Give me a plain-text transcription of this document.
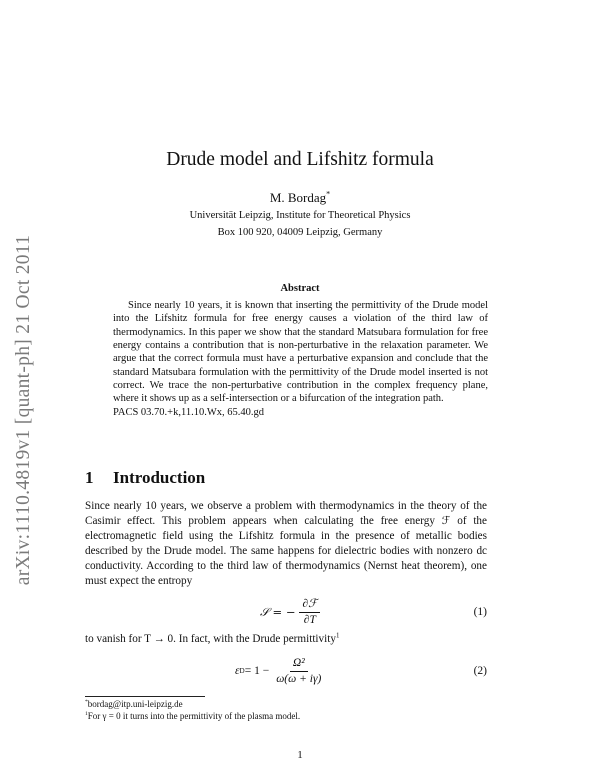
arXiv:1110.4819v1 [quant-ph] 21 Oct 2011
Drude model and Lifshitz formula
M. Bordag*
Universität Leipzig, Institute for Theoretical Physics
Box 100 920, 04009 Leipzig, Germany
Abstract

Since nearly 10 years, it is known that inserting the permittivity of the Drude model into the Lifshitz formula for free energy causes a violation of the third law of thermodynamics. In this paper we show that the standard Matsubara formulation for free energy contains a contribution that is non-perturbative in the relaxation parameter. We argue that the correct formula must have a perturbative expansion and conclude that the standard Matsubara formulation with the permittivity of the Drude model inserted is not correct. We trace the non-perturbative contribution in the complex frequency plane, where it shows up as a self-intersection or a bifurcation of the integration path.

PACS 03.70.+k,11.10.Wx, 65.40.gd
1 Introduction

Since nearly 10 years, we observe a problem with thermodynamics in the theory of the Casimir effect. This problem appears when calculating the free energy ℱ of the electromagnetic field using the Lifshitz formula in the presence of metallic bodies described by the Drude model. The same happens for dielectric bodies with nonzero dc conductivity. According to the third law of thermodynamics (Nernst heat theorem), one must expect the entropy

𝒮 = − $\frac{\text{∂ℱ}}{\partial T}$	(1)
to vanish for T → 0. In fact, with the Drude permittivity$^1$
ε $D = 1 - \frac{\text{Ω²}}{\omega(\omega + i\gamma)}$	(2)
*bordag@itp.uni-leipzig.de
$^1$For γ = 0 it turns into the permittivity of the plasma model.
1
